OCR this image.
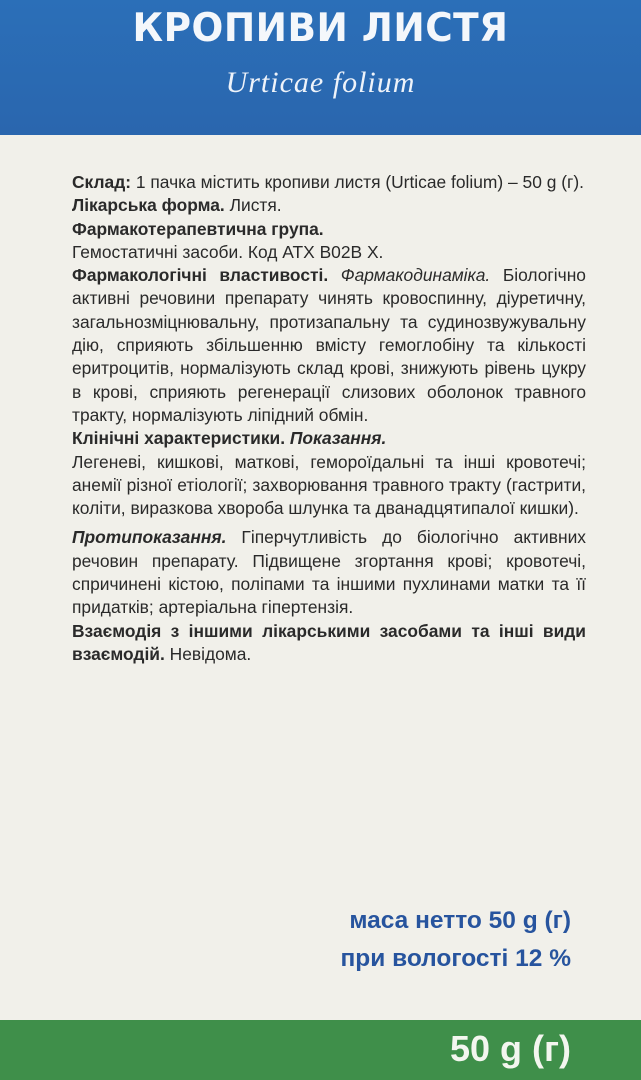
КРОПИВИ ЛИСТЯ
Urticae folium

Склад: 1 пачка містить кропиви листя (Urticae folium) – 50 g (г).

Лікарська форма. Листя.

Фармакотерапевтична група.

Гемостатичні засоби. Код АТХ В02В Х.

Фармакологічні властивості. Фармакодинаміка. Біологічно активні речовини препарату чинять кровоспинну, діуретичну, загальнозміцнювальну, протизапальну та судинозвужувальну дію, сприяють збільшенню вмісту гемоглобіну та кількості еритроцитів, нормалізують склад крові, знижують рівень цукру в крові, сприяють регенерації слизових оболонок травного тракту, нормалізують ліпідний обмін.

Клінічні характеристики. Показання.

Легеневі, кишкові, маткові, гемороїдальні та інші кровотечі; анемії різної етіології; захворювання травного тракту (гастрити, коліти, виразкова хвороба шлунка та дванадцятипалої кишки).

Протипоказання. Гіперчутливість до біологічно активних речовин препарату. Підвищене згортання крові; кровотечі, спричинені кістою, поліпами та іншими пухлинами матки та її придатків; артеріальна гіпертензія.

Взаємодія з іншими лікарськими засобами та інші види взаємодій. Невідома.

маса нетто 50 g (г)
при вологості 12 %
50 g (г)
